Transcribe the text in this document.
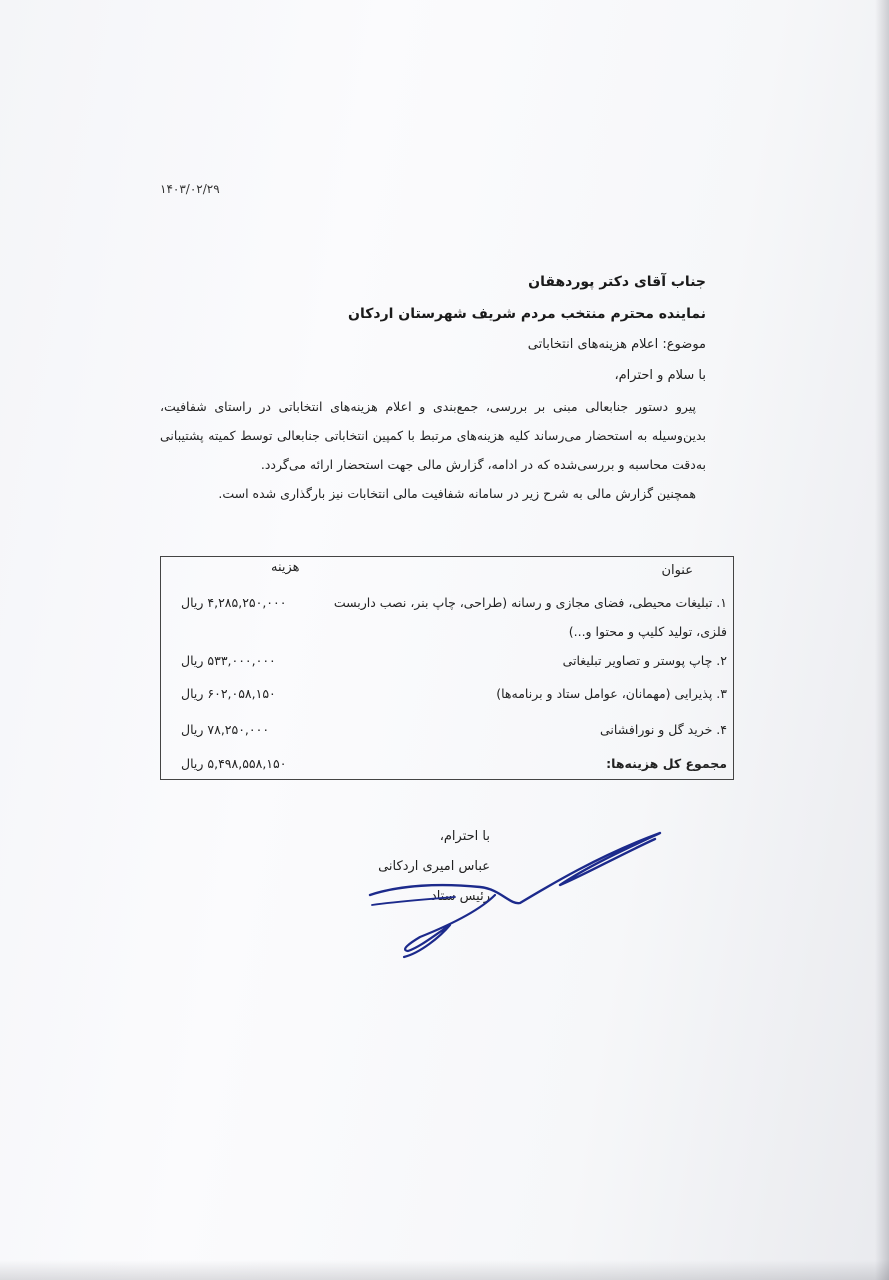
۱۴۰۳/۰۲/۲۹
جناب آقای دکتر پوردهقان
نماینده محترم منتخب مردم شریف شهرستان اردکان
موضوع: اعلام هزینه‌های انتخاباتی
با سلام و احترام،

پیرو دستور جنابعالی مبنی بر بررسی، جمع‌بندی و اعلام هزینه‌های انتخاباتی در راستای شفافیت، بدین‌وسیله به استحضار می‌رساند کلیه هزینه‌های مرتبط با کمپین انتخاباتی جنابعالی توسط کمیته پشتیبانی به‌دقت محاسبه و بررسی‌شده که در ادامه، گزارش مالی جهت استحضار ارائه می‌گردد.

همچنین گزارش مالی به شرح زیر در سامانه شفافیت مالی انتخابات نیز بارگذاری شده است.

عنوان
هزینه
۱. تبلیغات محیطی، فضای مجازی و رسانه (طراحی، چاپ بنر، نصب داربست فلزی، تولید کلیپ و محتوا و...)
۴,۲۸۵,۲۵۰,۰۰۰ ریال
۲. چاپ پوستر و تصاویر تبلیغاتی
۵۳۳,۰۰۰,۰۰۰ ریال
۳. پذیرایی (مهمانان، عوامل ستاد و برنامه‌ها)
۶۰۲,۰۵۸,۱۵۰ ریال
۴. خرید گل و نورافشانی
۷۸,۲۵۰,۰۰۰ ریال
مجموع کل هزینه‌ها:
۵,۴۹۸,۵۵۸,۱۵۰ ریال
با احترام،
عباس امیری اردکانی
رئیس ستاد
